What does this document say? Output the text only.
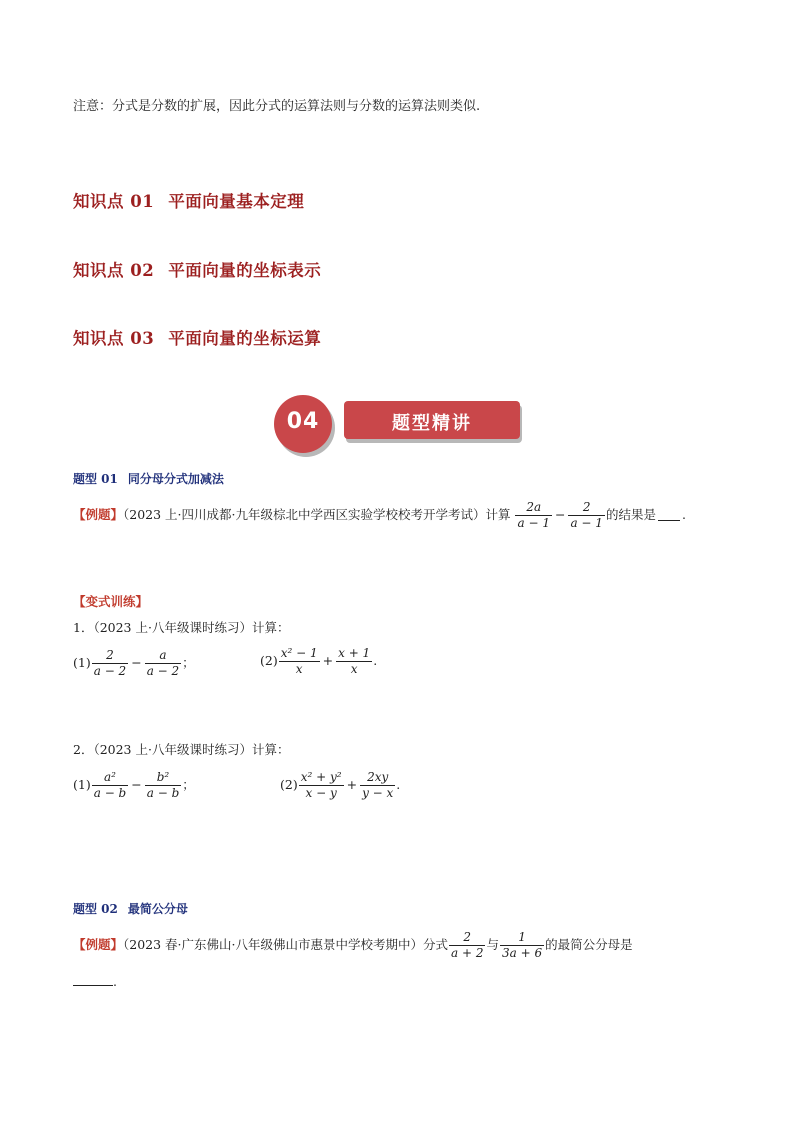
注意：分式是分数的扩展，因此分式的运算法则与分数的运算法则类似.
知识点 01 平面向量基本定理
知识点 02 平面向量的坐标表示
知识点 03 平面向量的坐标运算
04	题型精讲
题型 01 同分母分式加减法
【例题】（2023 上·四川成都·九年级棕北中学西区实验学校校考开学考试）计算 $\frac{2a}{a - 1} - \frac{2}{a - 1}$ 的结果是 .
【变式训练】
1．（2023 上·八年级课时练习）计算：
$(1) \frac{2}{a - 2} - \frac{a}{a - 2}$ ；	$(2) \frac{\text{x² − 1}}{x} + \frac{x + 1}{x}$ .
2．（2023 上·八年级课时练习）计算：
$(1) \frac{\text{a²}}{a - b} - \frac{\text{b²}}{a - b}$ ；	$(2) \frac{\text{x² + y²}}{x - y} + \frac{2xy}{y - x}$ .
题型 02 最简公分母
【例题】（2023 春·广东佛山·八年级佛山市惠景中学校考期中）分式 $\frac{2}{a + 2}$ 与 $\frac{1}{3a + 6}$ 的最简公分母是
.
